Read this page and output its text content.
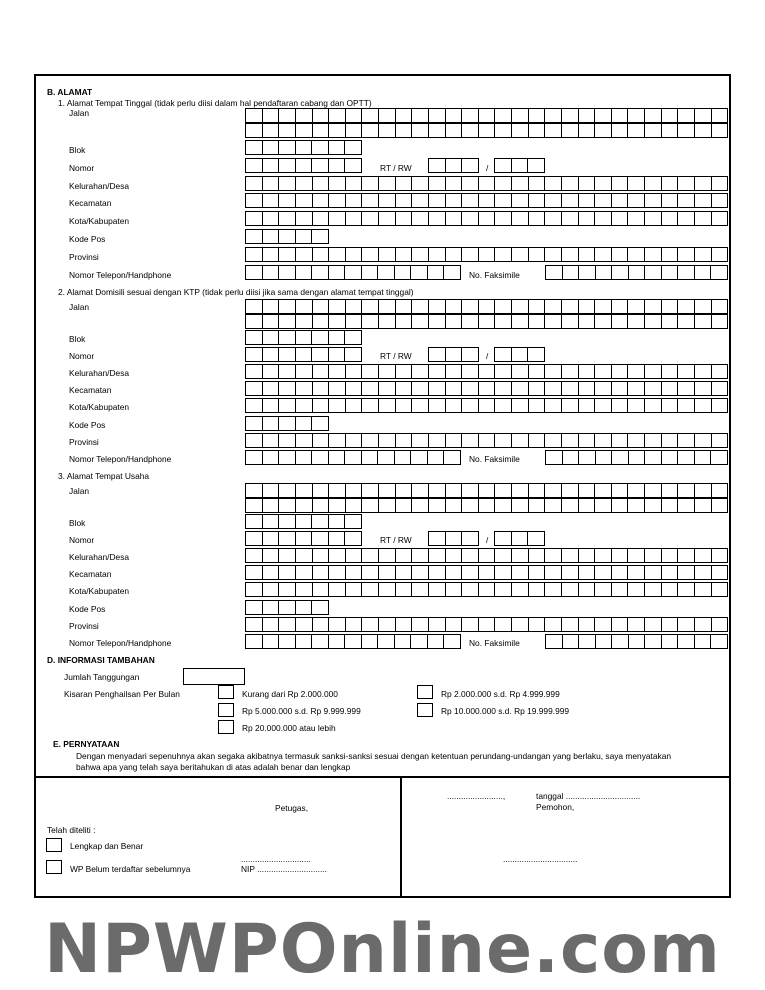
B. ALAMAT
1. Alamat Tempat Tinggal (tidak perlu diisi dalam hal pendaftaran cabang dan OPTT)
Jalan
Blok
Nomor	RT / RW	/
Kelurahan/Desa
Kecamatan
Kota/Kabupaten
Kode Pos
Provinsi
Nomor Telepon/Handphone	No. Faksimile
2. Alamat Domisili sesuai dengan KTP (tidak perlu diisi jika sama dengan alamat tempat tinggal)
Jalan
Blok
Nomor	RT / RW	/
Kelurahan/Desa
Kecamatan
Kota/Kabupaten
Kode Pos
Provinsi
Nomor Telepon/Handphone	No. Faksimile
3. Alamat Tempat Usaha
Jalan
Blok
Nomor	RT / RW	/
Kelurahan/Desa
Kecamatan
Kota/Kabupaten
Kode Pos
Provinsi
Nomor Telepon/Handphone	No. Faksimile
D. INFORMASI TAMBAHAN
Jumlah Tanggungan
Kisaran Penghailsan Per Bulan	Kurang dari Rp 2.000.000	Rp 2.000.000 s.d. Rp 4.999.999
Rp 5.000.000 s.d. Rp 9.999.999	Rp 10.000.000 s.d. Rp 19.999.999
Rp 20.000.000 atau lebih
E. PERNYATAAN
Dengan menyadari sepenuhnya akan segaka akibatnya termasuk sanksi-sanksi sesuai dengan ketentuan perundang-undangan yang berlaku, saya menyatakan
bahwa apa yang telah saya beritahukan di atas adalah benar dan lengkap
Petugas,
Telah diteliti :
Lengkap dan Benar
WP Belum terdaftar sebelumnya
..............................
NIP ..............................
........................,	tanggal ................................
Pemohon,
................................
NPWPOnline.com
